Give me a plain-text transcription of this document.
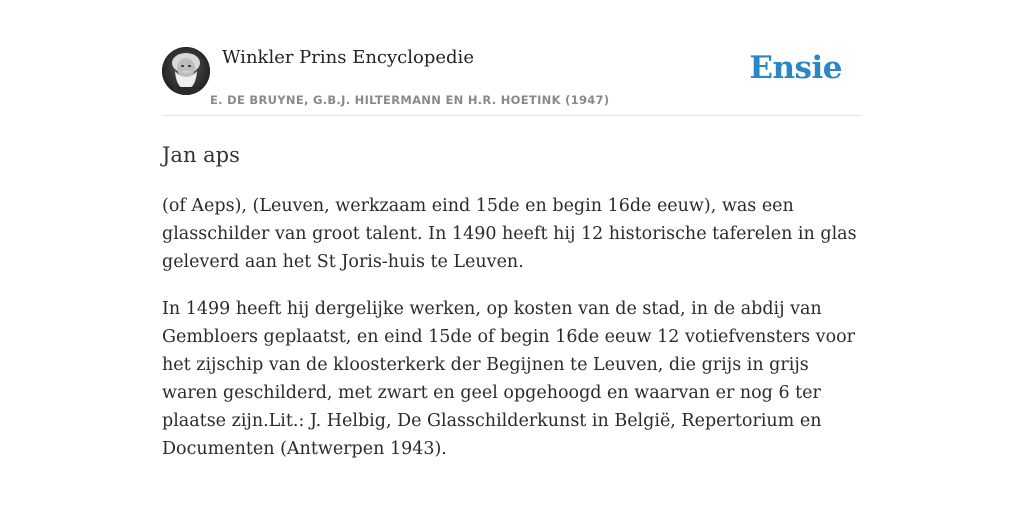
Winkler Prins Encyclopedie
E. DE BRUYNE, G.B.J. HILTERMANN EN H.R. HOETINK (1947)
Ensie
Jan aps

(of Aeps), (Leuven, werkzaam eind 15de en begin 16de eeuw), was een glasschilder van groot talent. In 1490 heeft hij 12 historische taferelen in glas geleverd aan het St Joris-huis te Leuven.

In 1499 heeft hij dergelijke werken, op kosten van de stad, in de abdij van Gembloers geplaatst, en eind 15de of begin 16de eeuw 12 votiefvensters voor het zijschip van de kloosterkerk der Begijnen te Leuven, die grijs in grijs waren geschilderd, met zwart en geel opgehoogd en waarvan er nog 6 ter plaatse zijn.Lit.: J. Helbig, De Glasschilderkunst in België, Repertorium en Documenten (Antwerpen 1943).
